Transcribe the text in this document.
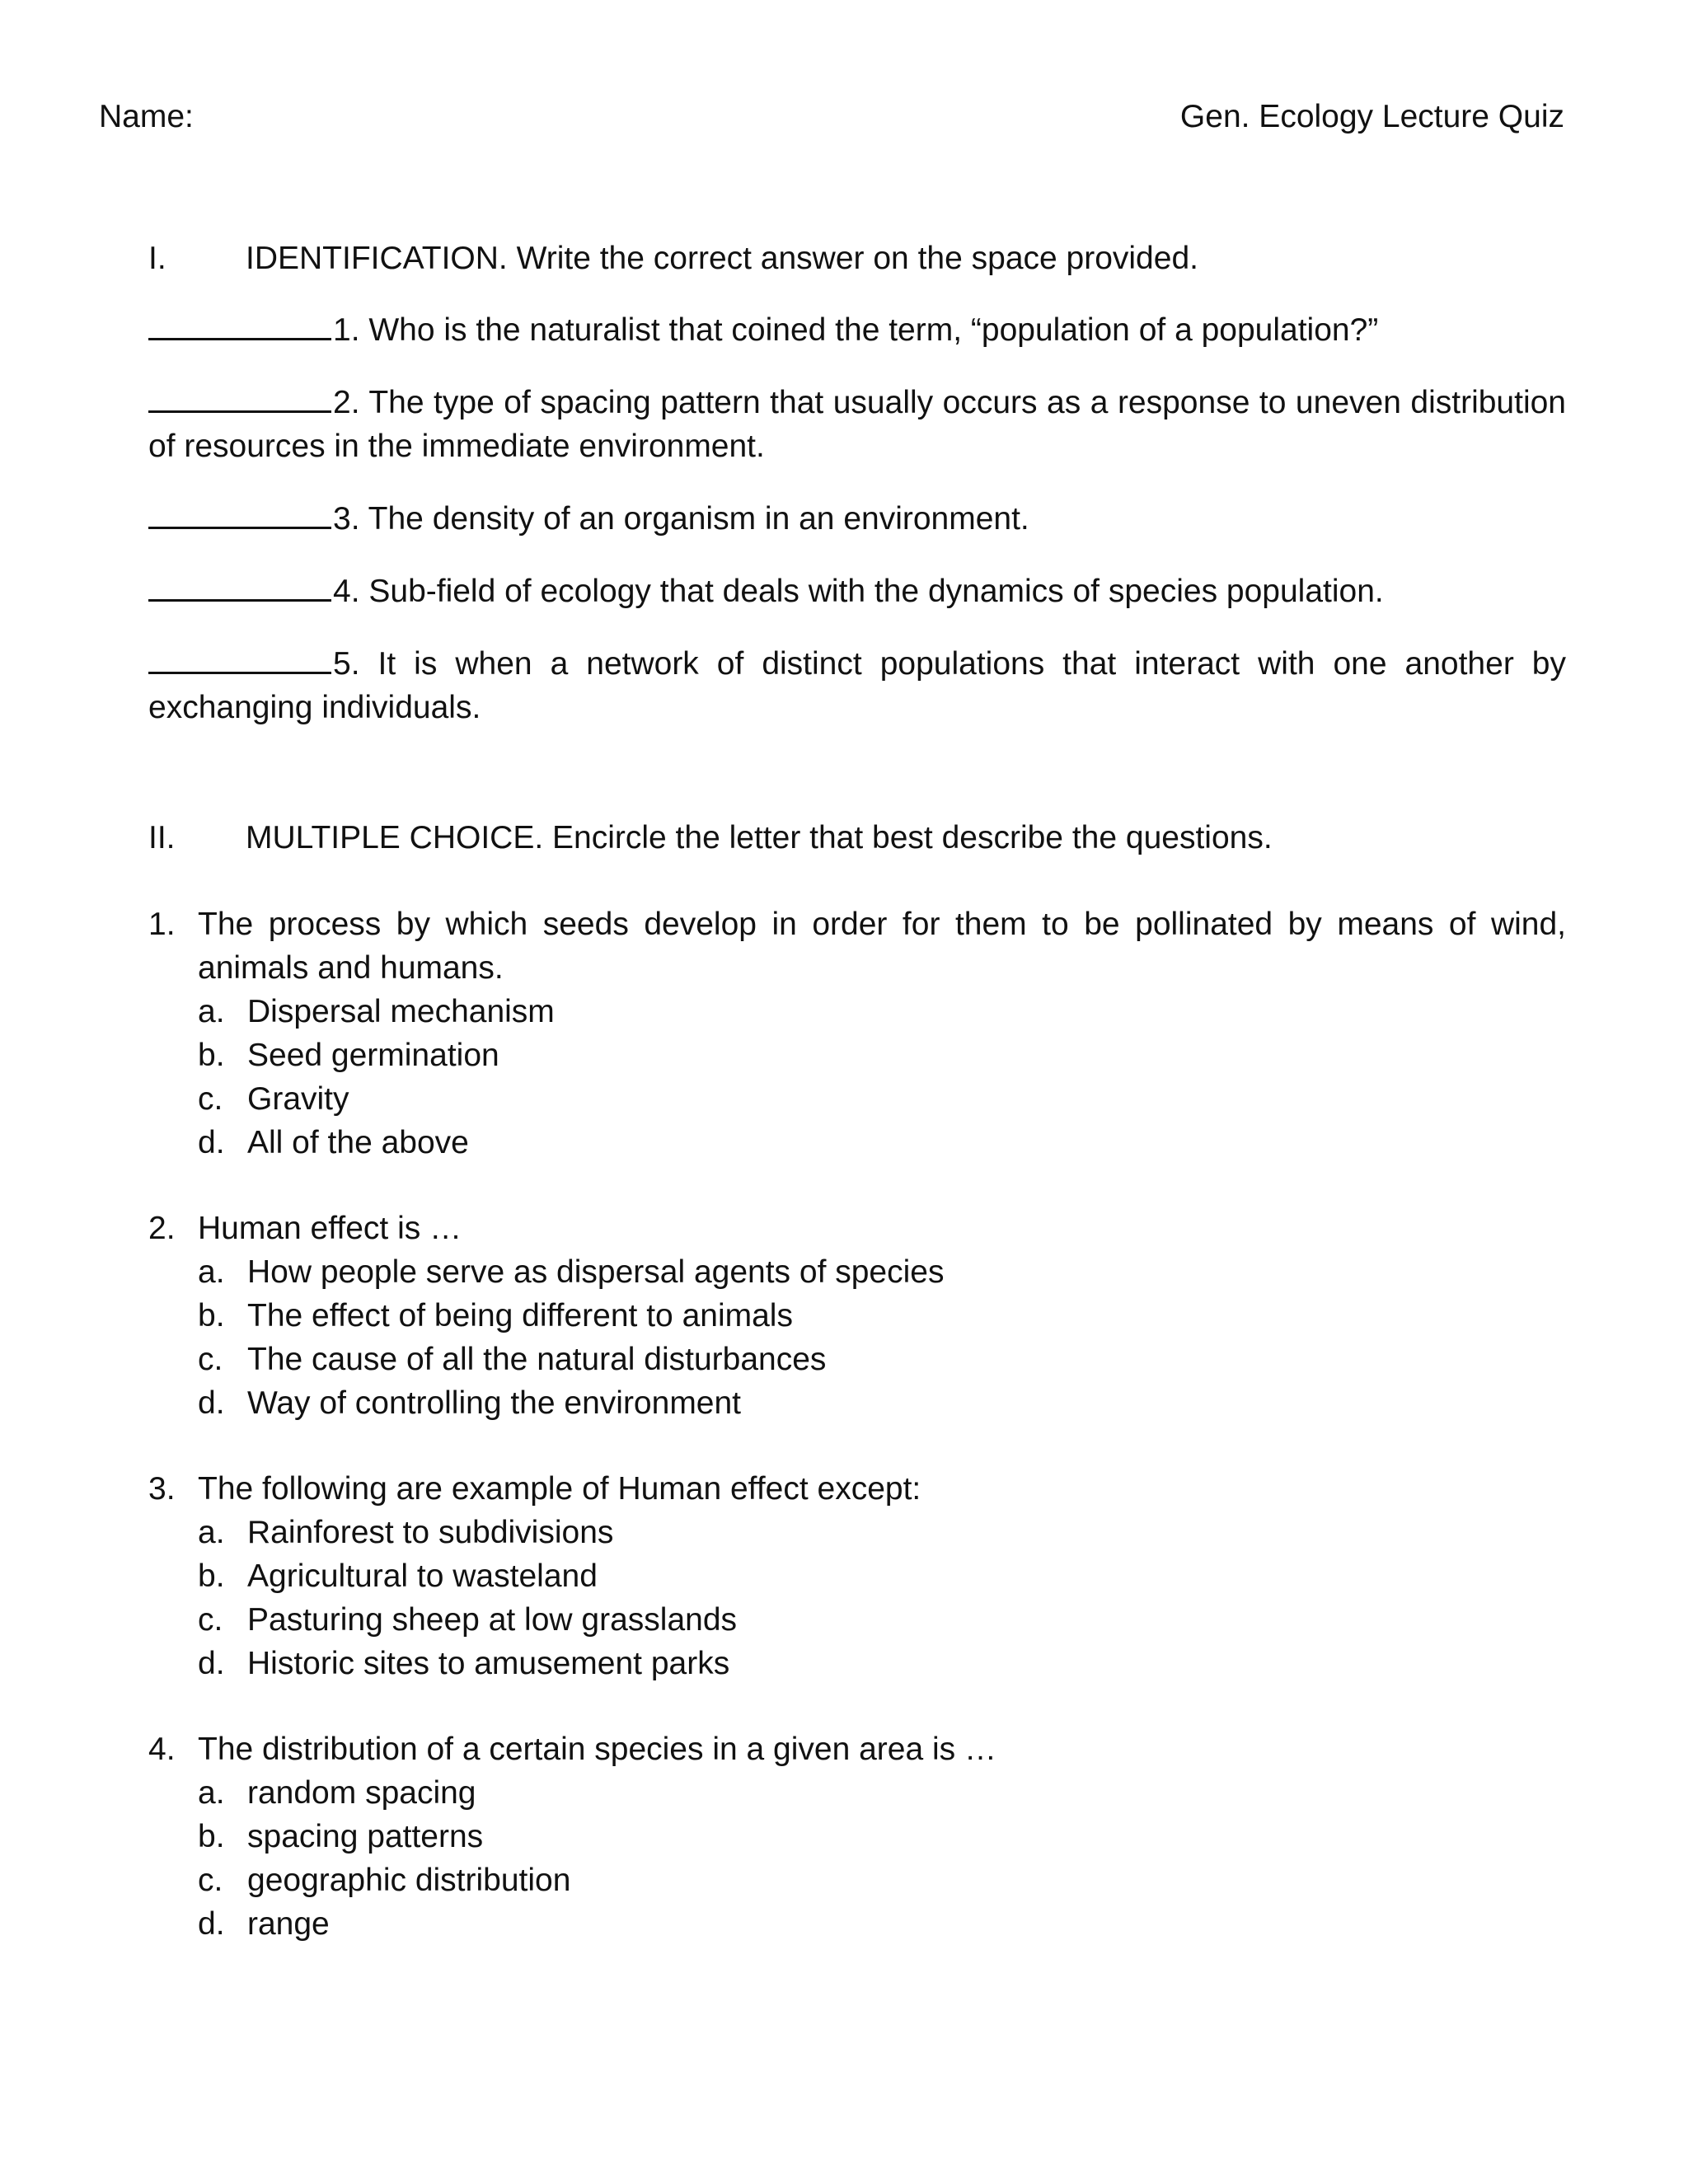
Name:	Gen. Ecology Lecture Quiz
I. IDENTIFICATION. Write the correct answer on the space provided.
1. Who is the naturalist that coined the term, “population of a population?”
2. The type of spacing pattern that usually occurs as a response to uneven distribution of resources in the immediate environment.
3. The density of an organism in an environment.
4. Sub-field of ecology that deals with the dynamics of species population.
5. It is when a network of distinct populations that interact with one another by exchanging individuals.
II. MULTIPLE CHOICE. Encircle the letter that best describe the questions.
1. The process by which seeds develop in order for them to be pollinated by means of wind, animals and humans.
a. Dispersal mechanism
b. Seed germination
c. Gravity
d. All of the above
2. Human effect is …
a. How people serve as dispersal agents of species
b. The effect of being different to animals
c. The cause of all the natural disturbances
d. Way of controlling the environment
3. The following are example of Human effect except:
a. Rainforest to subdivisions
b. Agricultural to wasteland
c. Pasturing sheep at low grasslands
d. Historic sites to amusement parks
4. The distribution of a certain species in a given area is …
a. random spacing
b. spacing patterns
c. geographic distribution
d. range
